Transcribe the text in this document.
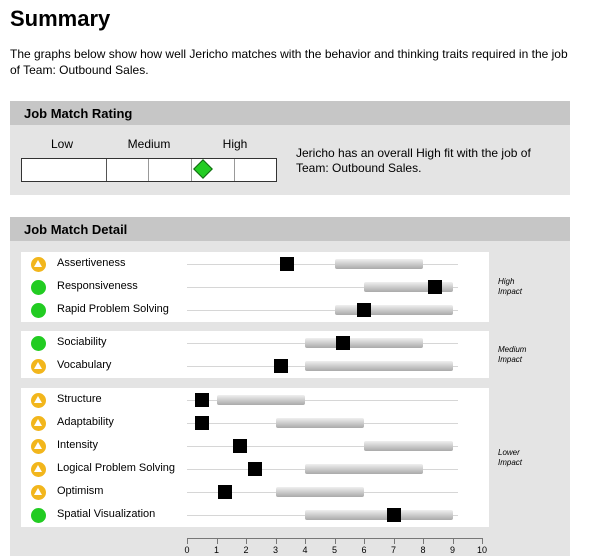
Summary
The graphs below show how well Jericho matches with the behavior and thinking traits required in the job of Team: Outbound Sales.
Job Match Rating
Low	Medium	High
Jericho has an overall High fit with the job of Team: Outbound Sales.
Job Match Detail
Assertiveness
Responsiveness
Rapid Problem Solving
High
Impact
Sociability
Vocabulary
Medium
Impact
Structure
Adaptability
Intensity
Logical Problem Solving
Optimism
Spatial Visualization
Lower
Impact
0	1	2	3	4	5	6	7	8	9 10
